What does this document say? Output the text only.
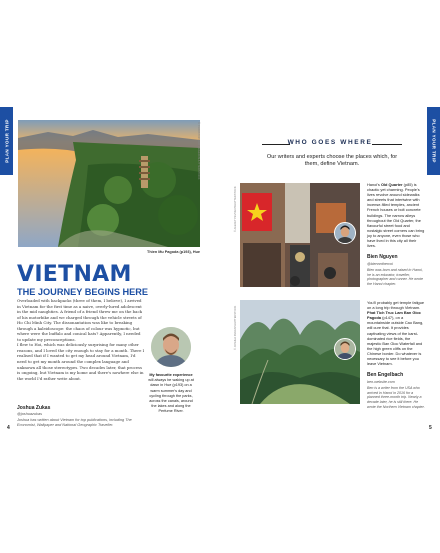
PLAN YOUR TRIP	© CHRISTOPHER HEGER/SHUTTERSTOCK
Thien Mu Pagoda (p193), Hue
VIETNAM
THE JOURNEY BEGINS HERE

Overloaded with backpacks (three of them, I believe), I arrived in Vietnam for the first time as a naive, overly-lured adolescent in the mid naughties. A friend of a friend threw me on the back of his motorbike and we charged through the vehicle streets of Ho Chi Minh City. The dissonantation was like to breaking through a kaleidoscope: the chaos of colour was hypnotic, but where were the buffalo and conical hats? Apparently, I needed to update my preconceptions.

I flew to Hoi, which was deliciously surprising for many other reasons, and I loved the city enough to stay for a month. There I realised that if I wanted to get my head around Vietnam, I'd need to get my month around the complex language and unknown all those stereotypes. Two decades later, that process is ongoing, but Vietnam is my home and there's nowhere else in the world I'd rather write about.

My favourite experience
will always be waking up at dawn in Hue (p193) on a warm summer's day and cycling through the parks, across the canals, around the lakes and along the Perfume River.
Joshua Zukas
@joshuazukas
Joshua has written about Vietnam for top publications, including The Economist, Wallpaper and National Geographic Traveller.
4
PLAN YOUR TRIP
WHO GOES WHERE
Our writers and experts choose the places which, for them, define Vietnam.
© ALEXEY PEVNEV/SHUTTERSTOCK
Hanoi's Old Quarter (p85) is chaotic yet charming. People's lives revolve around sidewalks and streets that intertwine with incense-filled temples, ancient French houses or bolt concrete buildings. The narrow alleys throughout the Old Quarter, the flavourful street food and nostalgic street corners can bring joy to anyone, even those who have lived in this city all their lives.
Bien Nguyen
@biennnthervoi
Bien was born and raised in Hanoi, he is an educator, traveller, photographer and runner. He wrote the Hanoi chapter.
© JOSHUA ZUKAS/SHUTTERSTOCK
You'll probably get temple fatigue on a long trip through Vietnam. Phat Tich Truc Lam Ban Gioc Pagoda (p147), on a mountainside outside Cao Bang, will cure that. It provides captivating views of the karst-dominated rice fields, the majestic Ban Gioc Waterfall and the high green cliffs on the Chinese border. Do whatever is necessary to see it before you leave Vietnam.
Ben Engelbach
ben-website.com
Ben is a writer from the USA who arrived in Hanoi in 2016 for a planned three-month trip. Nearly a decade later, he is still there. He wrote the Northern Vietnam chapter.
5
